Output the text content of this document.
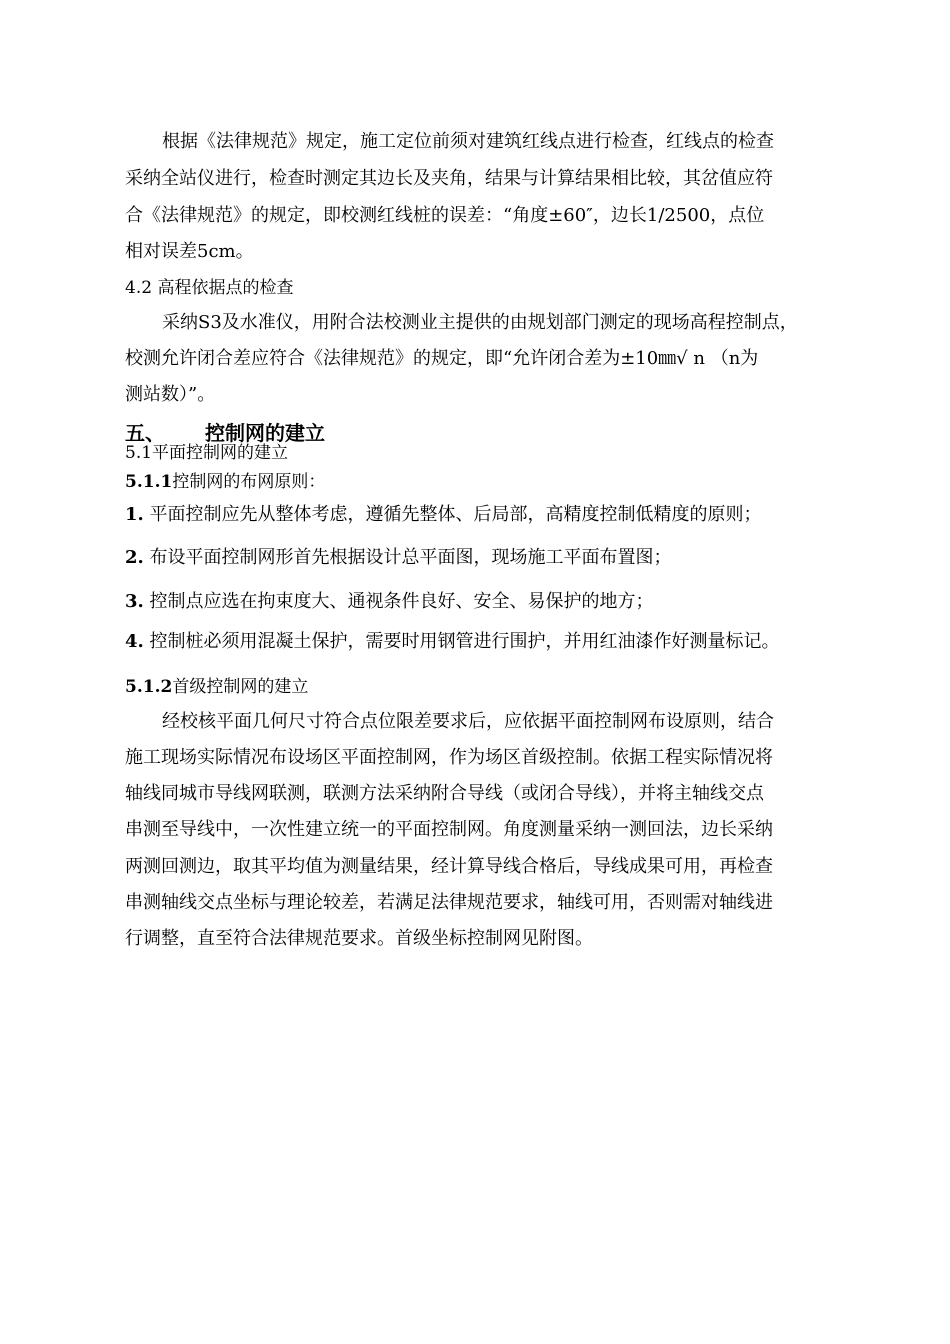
根据《法律规范》规定，施工定位前须对建筑红线点进行检查，红线点的检查
采纳全站仪进行，检查时测定其边长及夹角，结果与计算结果相比较，其岔值应符
合《法律规范》的规定，即校测红线桩的误差：“角度±60″，边长1/2500，点位
相对误差5cm。
4.2 高程依据点的检查
采纳S3及水准仪，用附合法校测业主提供的由规划部门测定的现场高程控制点，
校测允许闭合差应符合《法律规范》的规定，即“允许闭合差为±10㎜√ n （n为
测站数）”。
五、 控制网的建立
5.1平面控制网的建立
5.1.1控制网的布网原则：
1. 平面控制应先从整体考虑，遵循先整体、后局部，高精度控制低精度的原则；
2. 布设平面控制网形首先根据设计总平面图，现场施工平面布置图；
3. 控制点应选在拘束度大、通视条件良好、安全、易保护的地方；
4. 控制桩必须用混凝土保护，需要时用钢管进行围护，并用红油漆作好测量标记。
5.1.2首级控制网的建立
经校核平面几何尺寸符合点位限差要求后，应依据平面控制网布设原则，结合
施工现场实际情况布设场区平面控制网，作为场区首级控制。依据工程实际情况将
轴线同城市导线网联测，联测方法采纳附合导线（或闭合导线），并将主轴线交点
串测至导线中，一次性建立统一的平面控制网。角度测量采纳一测回法，边长采纳
两测回测边，取其平均值为测量结果，经计算导线合格后，导线成果可用，再检查
串测轴线交点坐标与理论较差，若满足法律规范要求，轴线可用，否则需对轴线进
行调整，直至符合法律规范要求。首级坐标控制网见附图。
